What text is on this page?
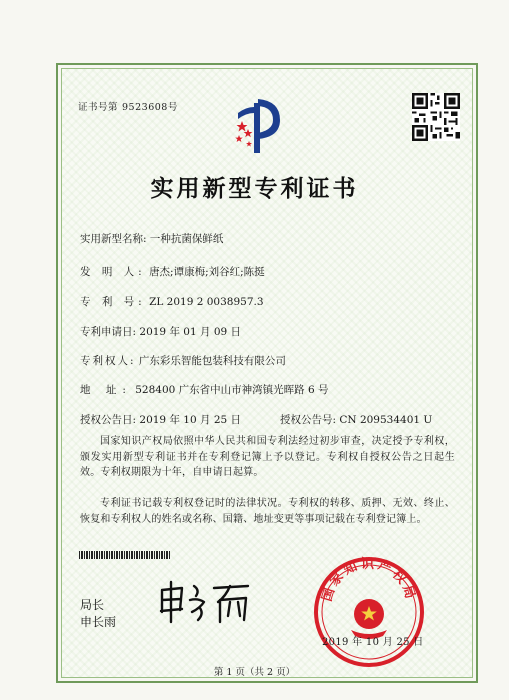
证书号第 9523608号
实用新型专利证书
实用新型名称: 一种抗菌保鲜纸
发 明 人: 唐杰;谭康梅;刘谷红;陈挺
专 利 号: ZL 2019 2 0038957.3
专利申请日: 2019 年 01 月 09 日
专利权人: 广东彩乐智能包装科技有限公司
地 址: 528400 广东省中山市神湾镇光晖路 6 号
授权公告日: 2019 年 10 月 25 日	授权公告号: CN 209534401 U
国家知识产权局依照中华人民共和国专利法经过初步审查，决定授予专利权，颁发实用新型专利证书并在专利登记簿上予以登记。专利权自授权公告之日起生效。专利权期限为十年，自申请日起算。
专利证书记载专利权登记时的法律状况。专利权的转移、质押、无效、终止、恢复和专利权人的姓名或名称、国籍、地址变更等事项记载在专利登记簿上。
局长
申长雨
国家知识产权局
2019 年 10 月 25 日
第 1 页（共 2 页）
